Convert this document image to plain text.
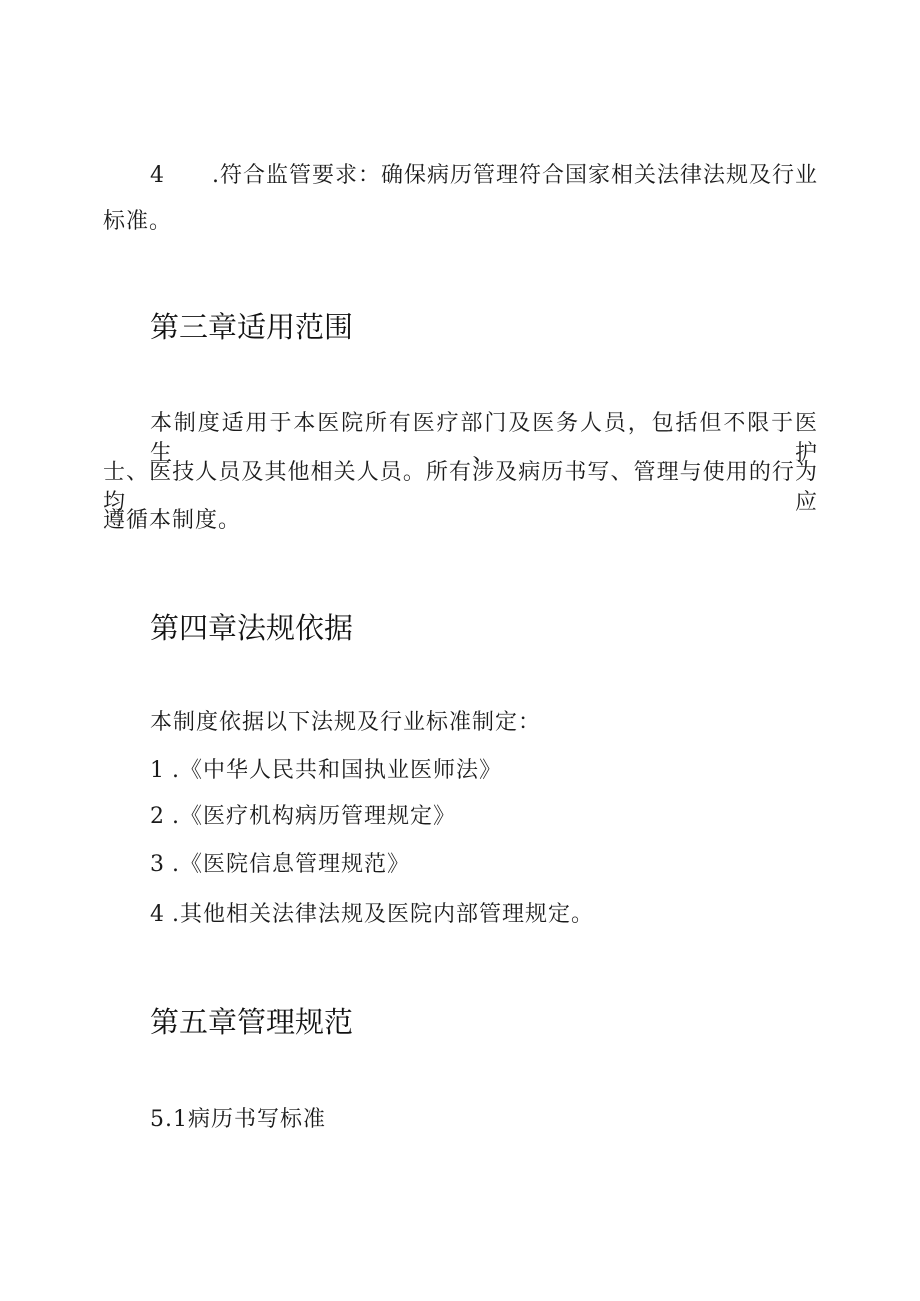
4 .符合监管要求：确保病历管理符合国家相关法律法规及行业
标准。
第三章适用范围
本制度适用于本医院所有医疗部门及医务人员，包括但不限于医生、护
士、医技人员及其他相关人员。所有涉及病历书写、管理与使用的行为均应
遵循本制度。
第四章法规依据
本制度依据以下法规及行业标准制定：
1 .《中华人民共和国执业医师法》
2 .《医疗机构病历管理规定》
3 .《医院信息管理规范》
4 .其他相关法律法规及医院内部管理规定。
第五章管理规范
5.1病历书写标准
